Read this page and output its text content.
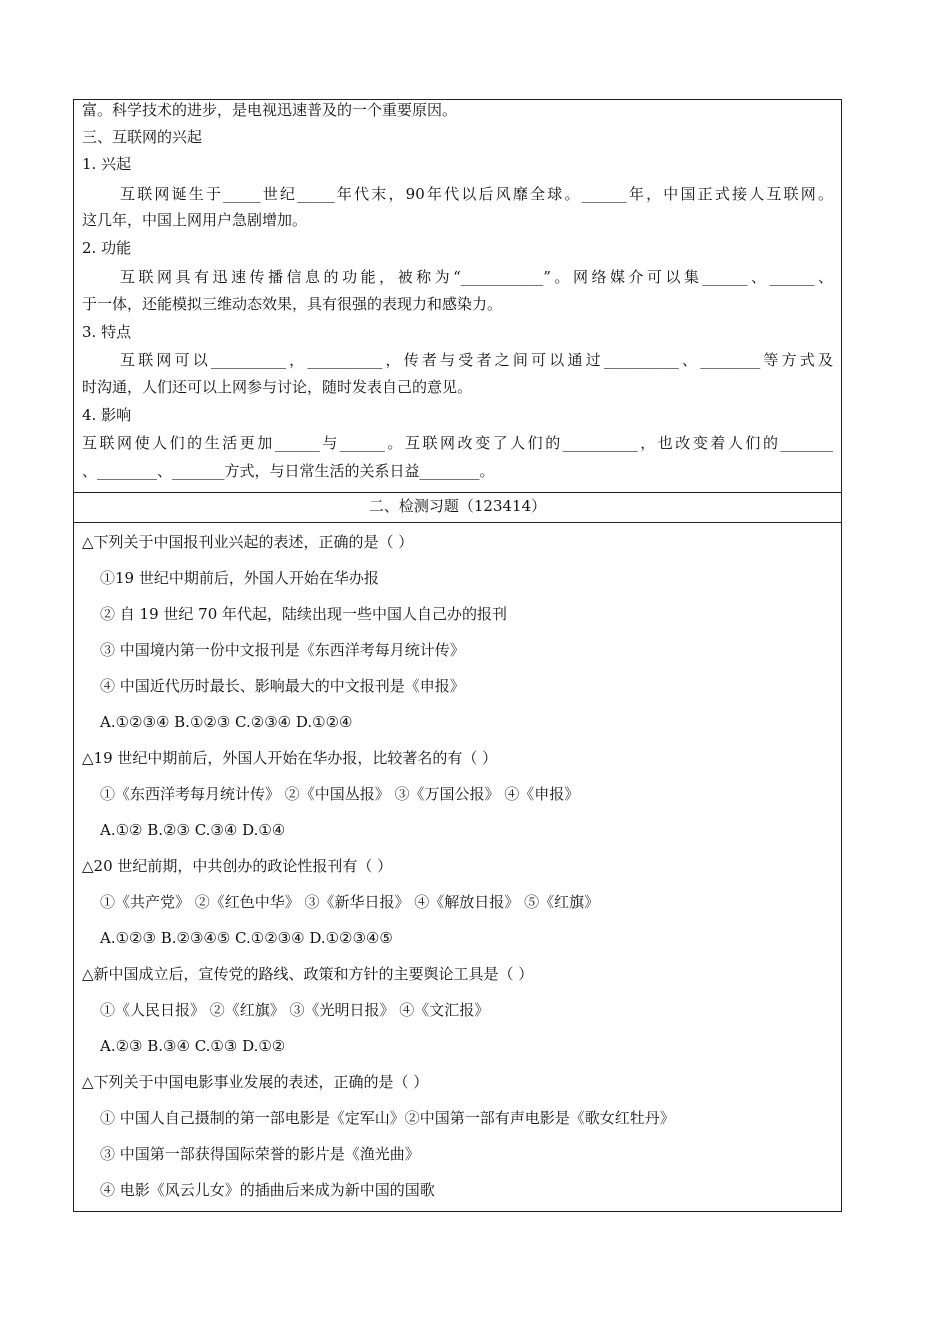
富。科学技术的进步，是电视迅速普及的一个重要原因。
三、互联网的兴起
1. 兴起
互联网诞生于_____世纪_____年代末，90年代以后风靡全球。______年，中国正式接人互联网。
这几年，中国上网用户急剧增加。
2. 功能
互联网具有迅速传播信息的功能，被称为“___________”。网络媒介可以集______、______、
于一体，还能模拟三维动态效果，具有很强的表现力和感染力。
3. 特点
互联网可以__________，__________，传者与受者之间可以通过__________、________等方式及
时沟通，人们还可以上网参与讨论，随时发表自己的意见。
4. 影响
互联网使人们的生活更加______与______。互联网改变了人们的__________，也改变着人们的_______
、________、_______方式，与日常生活的关系日益________。
二、检测习题（123414）
△下列关于中国报刊业兴起的表述，正确的是（ ）
①19 世纪中期前后，外国人开始在华办报
② 自 19 世纪 70 年代起，陆续出现一些中国人自己办的报刊
③ 中国境内第一份中文报刊是《东西洋考每月统计传》
④ 中国近代历时最长、影响最大的中文报刊是《申报》
A.①②③④ B.①②③ C.②③④ D.①②④
△19 世纪中期前后，外国人开始在华办报，比较著名的有（ ）
①《东西洋考每月统计传》 ②《中国丛报》 ③《万国公报》 ④《申报》
A.①② B.②③ C.③④ D.①④
△20 世纪前期，中共创办的政论性报刊有（ ）
①《共产党》 ②《红色中华》 ③《新华日报》 ④《解放日报》 ⑤《红旗》
A.①②③ B.②③④⑤ C.①②③④ D.①②③④⑤
△新中国成立后，宣传党的路线、政策和方针的主要舆论工具是（ ）
①《人民日报》 ②《红旗》 ③《光明日报》 ④《文汇报》
A.②③ B.③④ C.①③ D.①②
△下列关于中国电影事业发展的表述，正确的是（ ）
① 中国人自己摄制的第一部电影是《定军山》②中国第一部有声电影是《歌女红牡丹》
③ 中国第一部获得国际荣誉的影片是《渔光曲》
④ 电影《风云儿女》的插曲后来成为新中国的国歌
